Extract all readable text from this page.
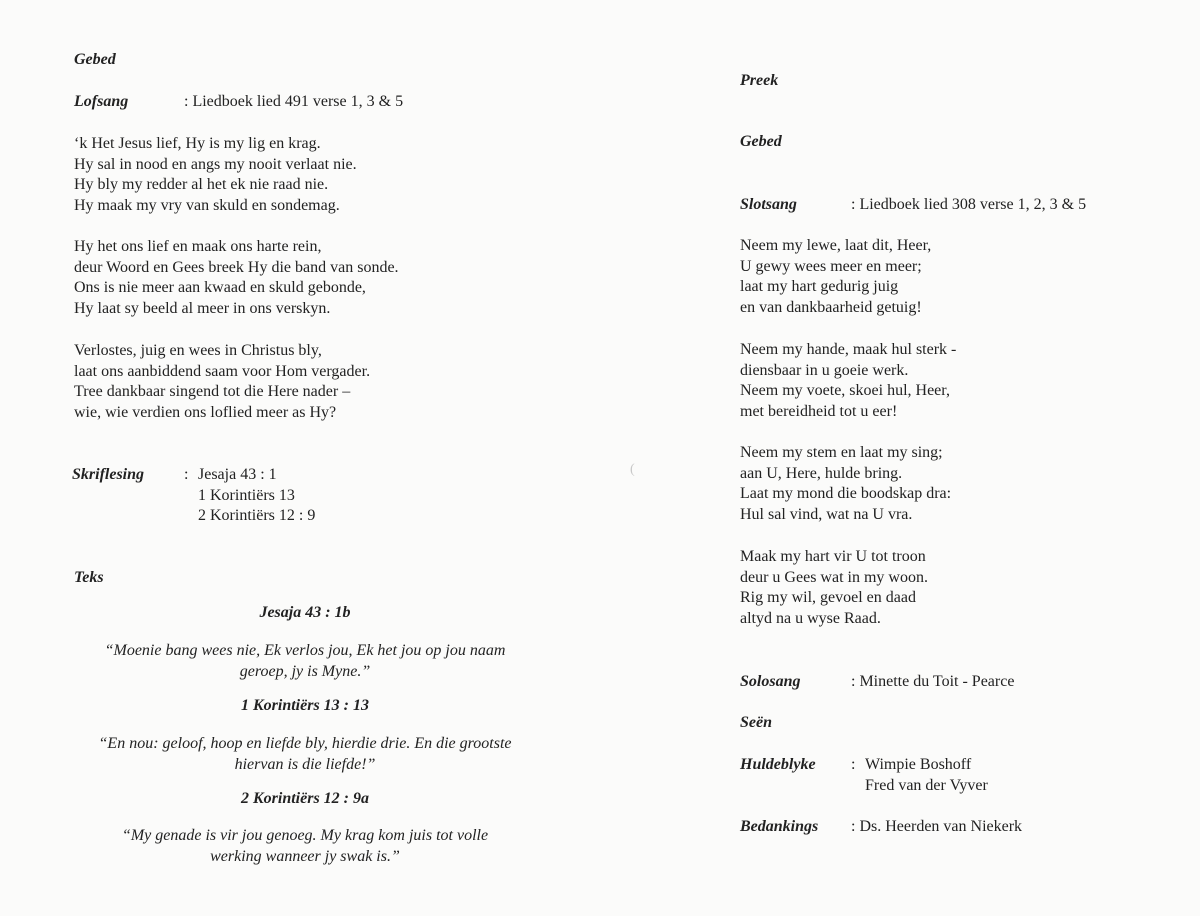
Gebed
Lofsang	: Liedboek lied 491 verse 1, 3 & 5
‘k Het Jesus lief, Hy is my lig en krag.
Hy sal in nood en angs my nooit verlaat nie.
Hy bly my redder al het ek nie raad nie.
Hy maak my vry van skuld en sondemag.
Hy het ons lief en maak ons harte rein,
deur Woord en Gees breek Hy die band van sonde.
Ons is nie meer aan kwaad en skuld gebonde,
Hy laat sy beeld al meer in ons verskyn.
Verlostes, juig en wees in Christus bly,
laat ons aanbiddend saam voor Hom vergader.
Tree dankbaar singend tot die Here nader –
wie, wie verdien ons loflied meer as Hy?
Skriflesing : Jesaja 43 : 1
1 Korintiërs 13
2 Korintiërs 12 : 9
Teks
Jesaja 43 : 1b
“Moenie bang wees nie, Ek verlos jou, Ek het jou op jou naam
geroep, jy is Myne.”
1 Korintiërs 13 : 13
“En nou: geloof, hoop en liefde bly, hierdie drie. En die grootste
hiervan is die liefde!”
2 Korintiërs 12 : 9a
“My genade is vir jou genoeg. My krag kom juis tot volle
werking wanneer jy swak is.”
(
Preek
Gebed
Slotsang	: Liedboek lied 308 verse 1, 2, 3 & 5
Neem my lewe, laat dit, Heer,
U gewy wees meer en meer;
laat my hart gedurig juig
en van dankbaarheid getuig!
Neem my hande, maak hul sterk -
diensbaar in u goeie werk.
Neem my voete, skoei hul, Heer,
met bereidheid tot u eer!
Neem my stem en laat my sing;
aan U, Here, hulde bring.
Laat my mond die boodskap dra:
Hul sal vind, wat na U vra.
Maak my hart vir U tot troon
deur u Gees wat in my woon.
Rig my wil, gevoel en daad
altyd na u wyse Raad.
Solosang	: Minette du Toit - Pearce
Seën
Huldeblyke : Wimpie Boshoff
Fred van der Vyver
Bedankings : Ds. Heerden van Niekerk
